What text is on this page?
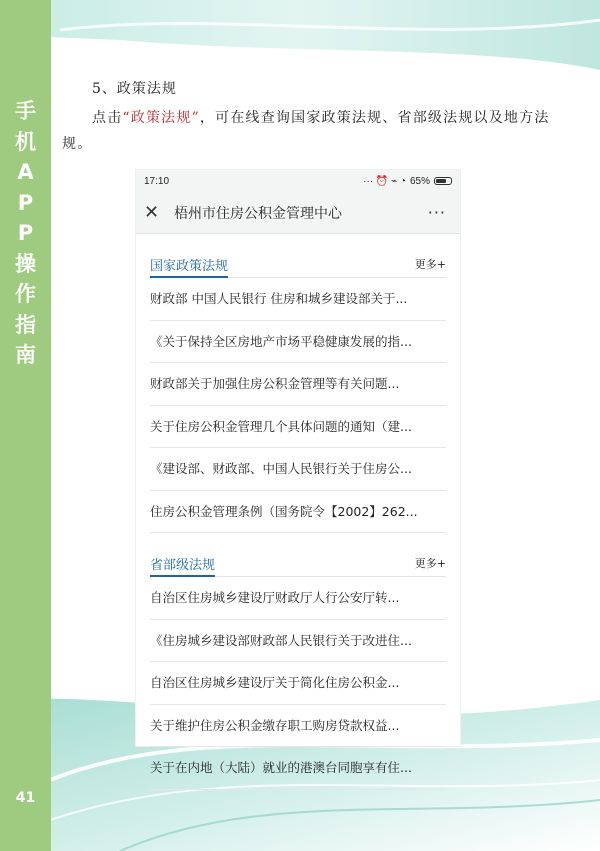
手
机
A
P
P
操
作
指
南
41
5、政策法规
点击“政策法规”，可在线查询国家政策法规、省部级法规以及地方法规。
17:10	··· ⏰ ⌁ ◔ 65%
✕	梧州市住房公积金管理中心	···
国家政策法规	更多+
财政部 中国人民银行 住房和城乡建设部关于...
《关于保持全区房地产市场平稳健康发展的指...
财政部关于加强住房公积金管理等有关问题...
关于住房公积金管理几个具体问题的通知（建...
《建设部、财政部、中国人民银行关于住房公...
住房公积金管理条例（国务院令【2002】262...
省部级法规	更多+
自治区住房城乡建设厅财政厅人行公安厅转...
《住房城乡建设部财政部人民银行关于改进住...
自治区住房城乡建设厅关于简化住房公积金...
关于维护住房公积金缴存职工购房贷款权益...
关于在内地（大陆）就业的港澳台同胞享有住...
